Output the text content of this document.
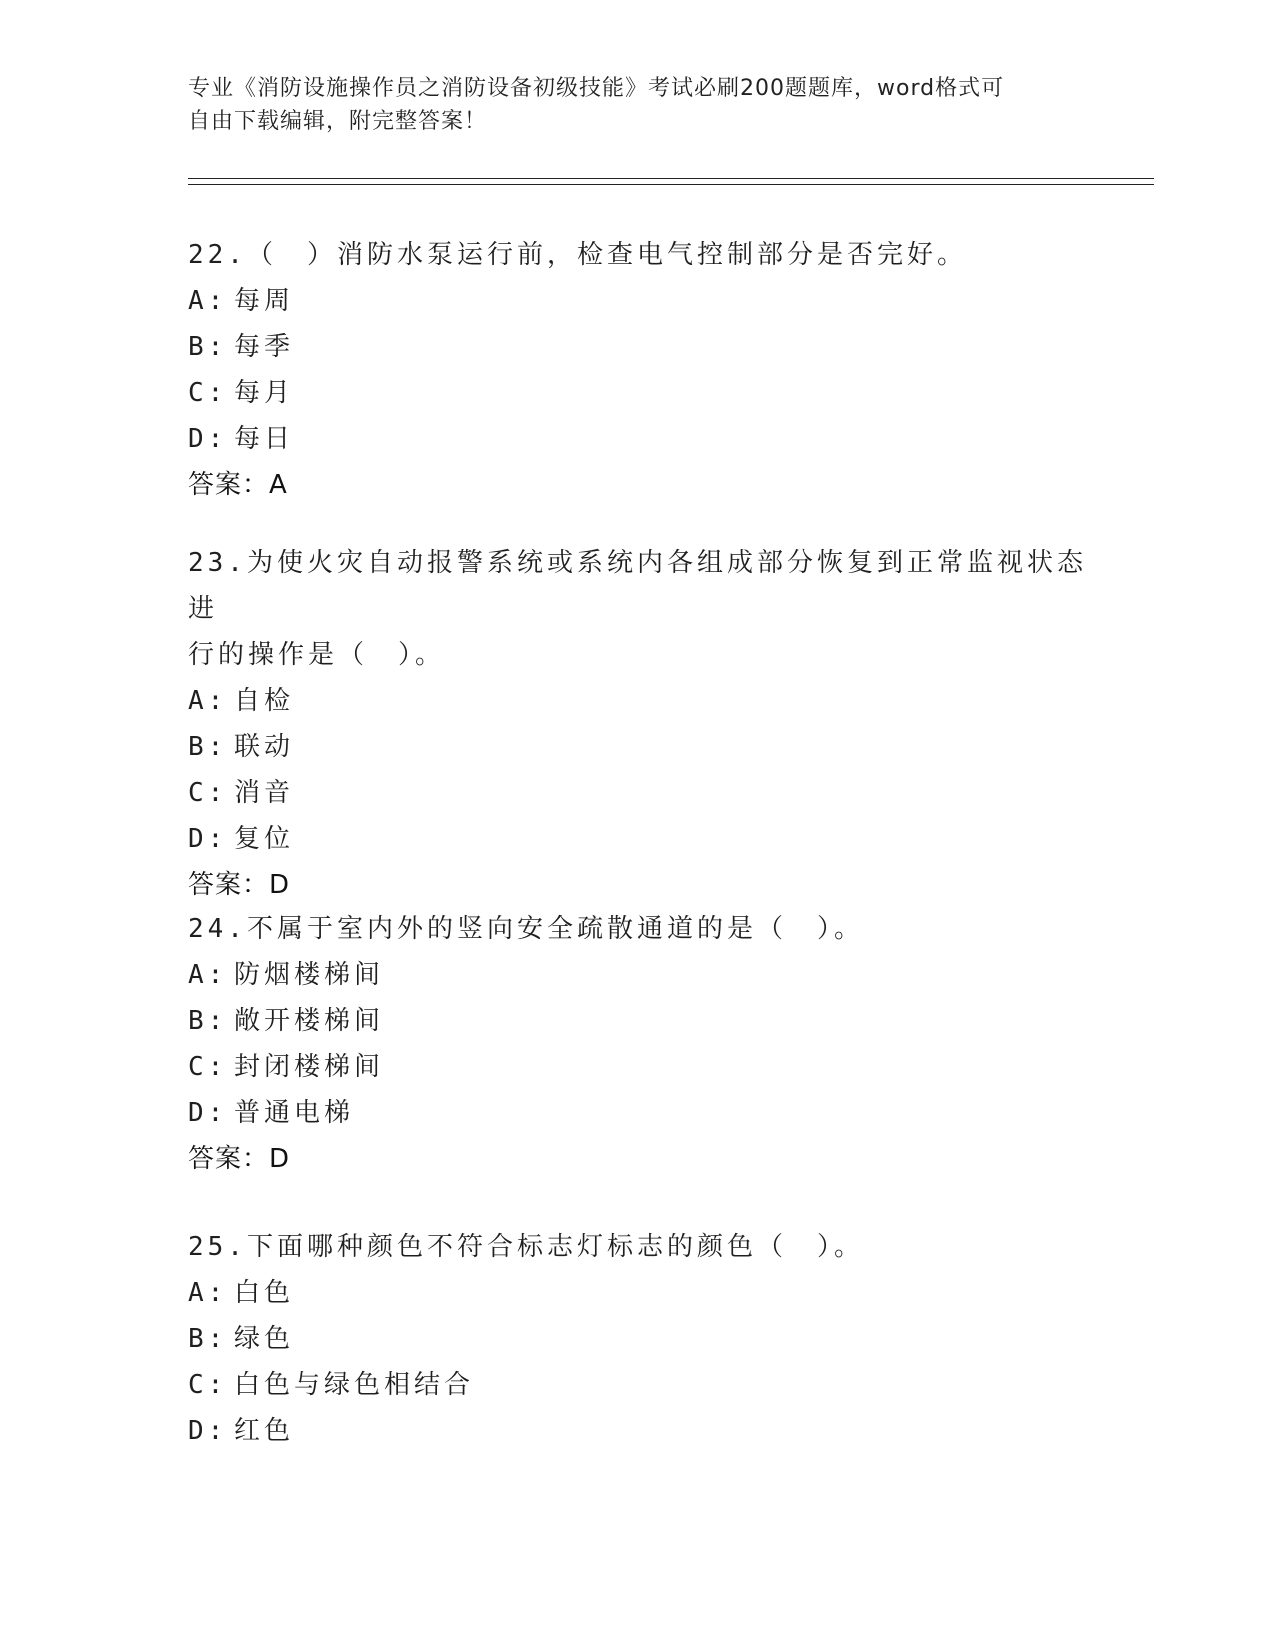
专业《消防设施操作员之消防设备初级技能》考试必刷200题题库，word格式可
自由下载编辑，附完整答案！
22.（　）消防水泵运行前，检查电气控制部分是否完好。
A: 每周
B: 每季
C: 每月
D: 每日
答案：A
23.为使火灾自动报警系统或系统内各组成部分恢复到正常监视状态进
行的操作是（　）。
A: 自检
B: 联动
C: 消音
D: 复位
答案：D
24.不属于室内外的竖向安全疏散通道的是（　）。
A: 防烟楼梯间
B: 敞开楼梯间
C: 封闭楼梯间
D: 普通电梯
答案：D
25.下面哪种颜色不符合标志灯标志的颜色（　）。
A: 白色
B: 绿色
C: 白色与绿色相结合
D: 红色
